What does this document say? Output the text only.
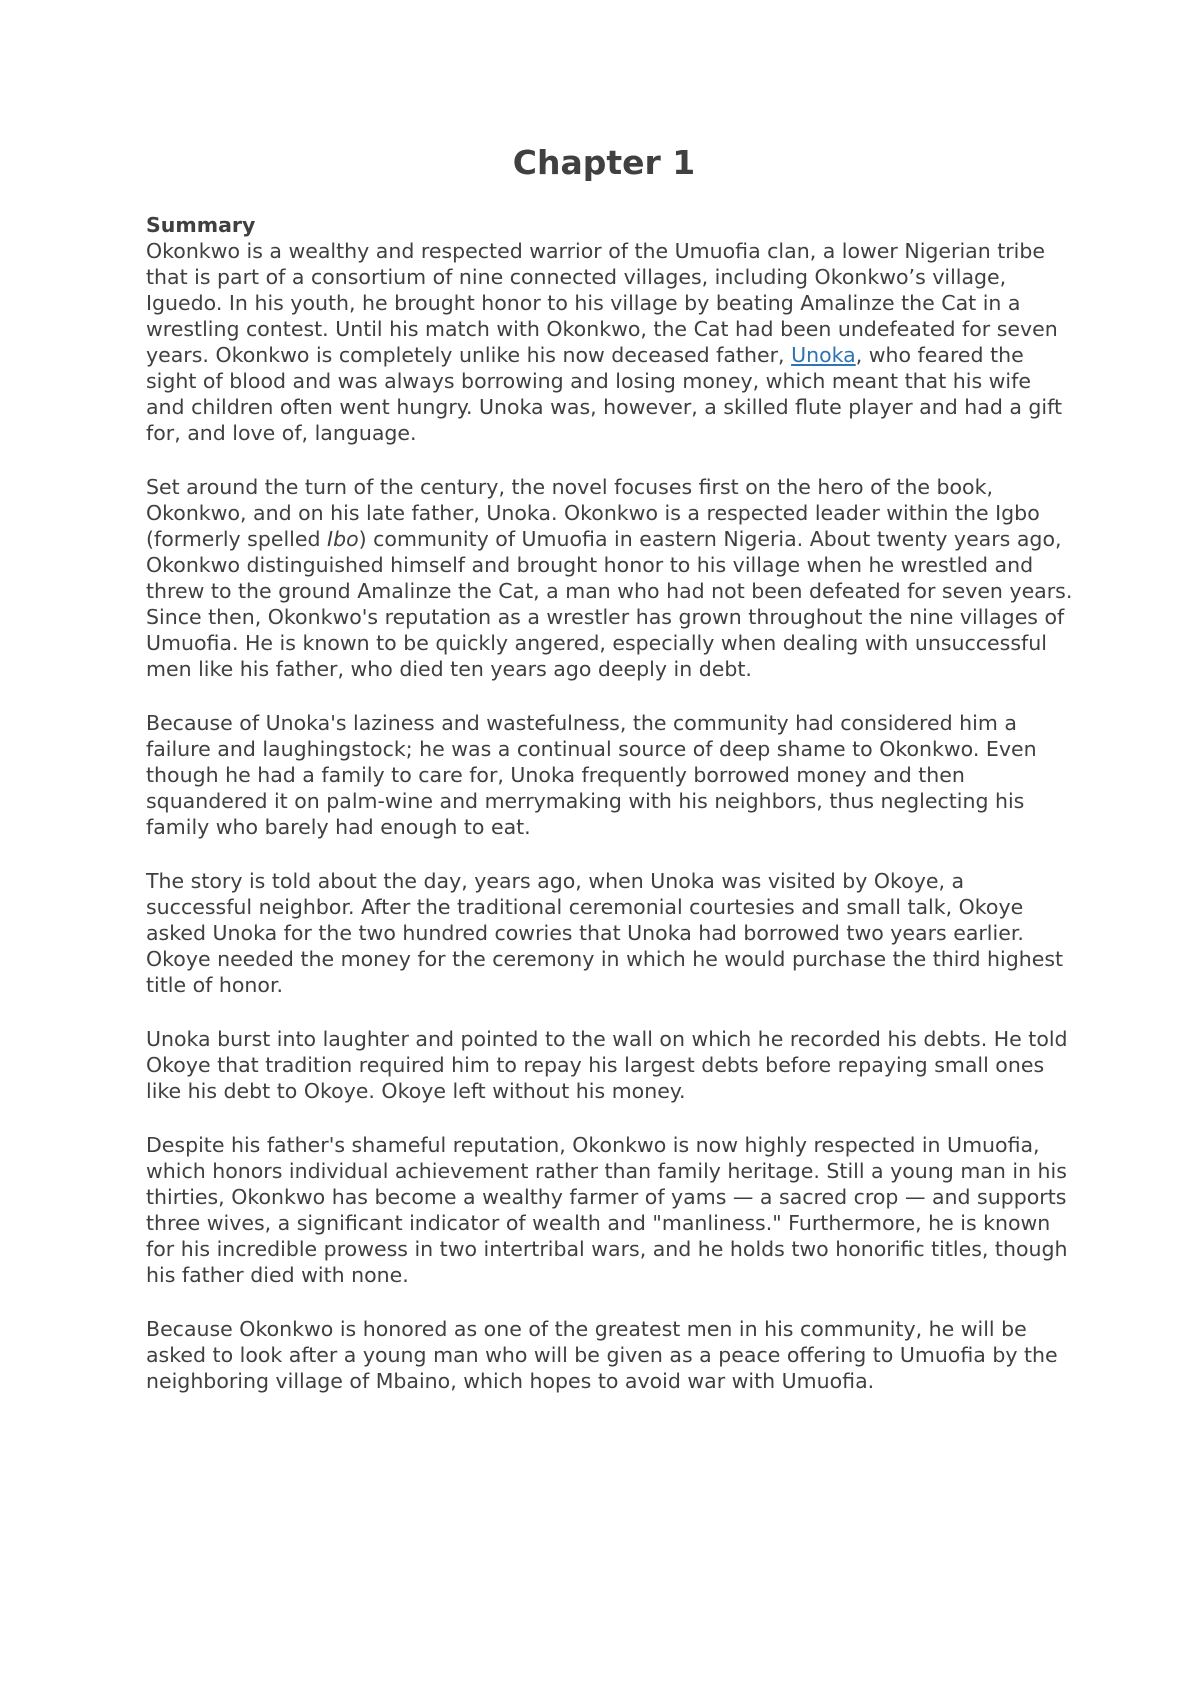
Chapter 1

Summary

Okonkwo is a wealthy and respected warrior of the Umuofia clan, a lower Nigerian tribe that is part of a consortium of nine connected villages, including Okonkwo’s village, Iguedo. In his youth, he brought honor to his village by beating Amalinze the Cat in a wrestling contest. Until his match with Okonkwo, the Cat had been undefeated for seven years. Okonkwo is completely unlike his now deceased father, Unoka, who feared the sight of blood and was always borrowing and losing money, which meant that his wife and children often went hungry. Unoka was, however, a skilled flute player and had a gift for, and love of, language.

Set around the turn of the century, the novel focuses first on the hero of the book, Okonkwo, and on his late father, Unoka. Okonkwo is a respected leader within the Igbo (formerly spelled Ibo) community of Umuofia in eastern Nigeria. About twenty years ago, Okonkwo distinguished himself and brought honor to his village when he wrestled and threw to the ground Amalinze the Cat, a man who had not been defeated for seven years. Since then, Okonkwo's reputation as a wrestler has grown throughout the nine villages of Umuofia. He is known to be quickly angered, especially when dealing with unsuccessful men like his father, who died ten years ago deeply in debt.

Because of Unoka's laziness and wastefulness, the community had considered him a failure and laughingstock; he was a continual source of deep shame to Okonkwo. Even though he had a family to care for, Unoka frequently borrowed money and then squandered it on palm-wine and merrymaking with his neighbors, thus neglecting his family who barely had enough to eat.

The story is told about the day, years ago, when Unoka was visited by Okoye, a successful neighbor. After the traditional ceremonial courtesies and small talk, Okoye asked Unoka for the two hundred cowries that Unoka had borrowed two years earlier. Okoye needed the money for the ceremony in which he would purchase the third highest title of honor.

Unoka burst into laughter and pointed to the wall on which he recorded his debts. He told Okoye that tradition required him to repay his largest debts before repaying small ones like his debt to Okoye. Okoye left without his money.

Despite his father's shameful reputation, Okonkwo is now highly respected in Umuofia, which honors individual achievement rather than family heritage. Still a young man in his thirties, Okonkwo has become a wealthy farmer of yams — a sacred crop — and supports three wives, a significant indicator of wealth and "manliness." Furthermore, he is known for his incredible prowess in two intertribal wars, and he holds two honorific titles, though his father died with none.

Because Okonkwo is honored as one of the greatest men in his community, he will be asked to look after a young man who will be given as a peace offering to Umuofia by the neighboring village of Mbaino, which hopes to avoid war with Umuofia.
